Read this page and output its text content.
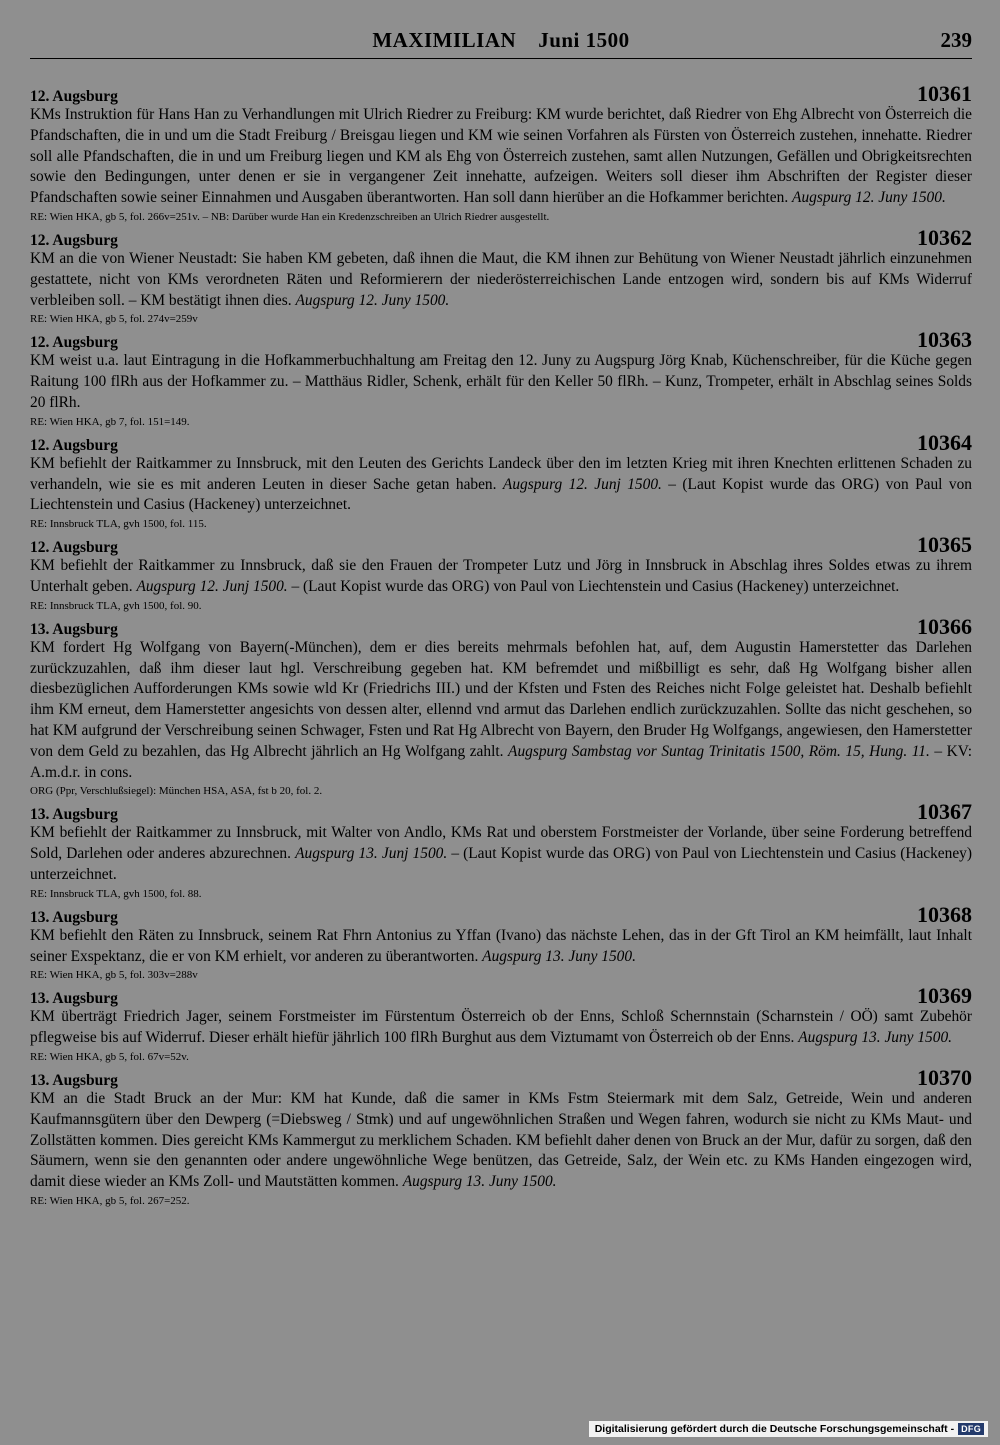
MAXIMILIAN Juni 1500	239
12. Augsburg	10361
KMs Instruktion für Hans Han zu Verhandlungen mit Ulrich Riedrer zu Freiburg: KM wurde berichtet, daß Riedrer von Ehg Albrecht von Österreich die Pfandschaften, die in und um die Stadt Freiburg / Breisgau liegen und KM wie seinen Vorfahren als Fürsten von Österreich zustehen, innehatte. Riedrer soll alle Pfandschaften, die in und um Freiburg liegen und KM als Ehg von Österreich zustehen, samt allen Nutzungen, Gefällen und Obrigkeitsrechten sowie den Bedingungen, unter denen er sie in vergangener Zeit innehatte, aufzeigen. Weiters soll dieser ihm Abschriften der Register dieser Pfandschaften sowie seiner Einnahmen und Ausgaben überantworten. Han soll dann hierüber an die Hofkammer berichten. Augspurg 12. Juny 1500.
RE: Wien HKA, gb 5, fol. 266v=251v. – NB: Darüber wurde Han ein Kredenzschreiben an Ulrich Riedrer ausgestellt.
12. Augsburg	10362
KM an die von Wiener Neustadt: Sie haben KM gebeten, daß ihnen die Maut, die KM ihnen zur Behütung von Wiener Neustadt jährlich einzunehmen gestattete, nicht von KMs verordneten Räten und Reformierern der niederösterreichischen Lande entzogen wird, sondern bis auf KMs Widerruf verbleiben soll. – KM bestätigt ihnen dies. Augspurg 12. Juny 1500.
RE: Wien HKA, gb 5, fol. 274v=259v
12. Augsburg	10363
KM weist u.a. laut Eintragung in die Hofkammerbuchhaltung am Freitag den 12. Juny zu Augspurg Jörg Knab, Küchenschreiber, für die Küche gegen Raitung 100 flRh aus der Hofkammer zu. – Matthäus Ridler, Schenk, erhält für den Keller 50 flRh. – Kunz, Trompeter, erhält in Abschlag seines Solds 20 flRh.
RE: Wien HKA, gb 7, fol. 151=149.
12. Augsburg	10364
KM befiehlt der Raitkammer zu Innsbruck, mit den Leuten des Gerichts Landeck über den im letzten Krieg mit ihren Knechten erlittenen Schaden zu verhandeln, wie sie es mit anderen Leuten in dieser Sache getan haben. Augspurg 12. Junj 1500. – (Laut Kopist wurde das ORG) von Paul von Liechtenstein und Casius (Hackeney) unterzeichnet.
RE: Innsbruck TLA, gvh 1500, fol. 115.
12. Augsburg	10365
KM befiehlt der Raitkammer zu Innsbruck, daß sie den Frauen der Trompeter Lutz und Jörg in Innsbruck in Abschlag ihres Soldes etwas zu ihrem Unterhalt geben. Augspurg 12. Junj 1500. – (Laut Kopist wurde das ORG) von Paul von Liechtenstein und Casius (Hackeney) unterzeichnet.
RE: Innsbruck TLA, gvh 1500, fol. 90.
13. Augsburg	10366
KM fordert Hg Wolfgang von Bayern(-München), dem er dies bereits mehrmals befohlen hat, auf, dem Augustin Hamerstetter das Darlehen zurückzuzahlen, daß ihm dieser laut hgl. Verschreibung gegeben hat. KM befremdet und mißbilligt es sehr, daß Hg Wolfgang bisher allen diesbezüglichen Aufforderungen KMs sowie wld Kr (Friedrichs III.) und der Kfsten und Fsten des Reiches nicht Folge geleistet hat. Deshalb befiehlt ihm KM erneut, dem Hamerstetter angesichts von dessen alter, ellennd vnd armut das Darlehen endlich zurückzuzahlen. Sollte das nicht geschehen, so hat KM aufgrund der Verschreibung seinen Schwager, Fsten und Rat Hg Albrecht von Bayern, den Bruder Hg Wolfgangs, angewiesen, den Hamerstetter von dem Geld zu bezahlen, das Hg Albrecht jährlich an Hg Wolfgang zahlt. Augspurg Sambstag vor Suntag Trinitatis 1500, Röm. 15, Hung. 11. – KV: A.m.d.r. in cons.
ORG (Ppr, Verschlußsiegel): München HSA, ASA, fst b 20, fol. 2.
13. Augsburg	10367
KM befiehlt der Raitkammer zu Innsbruck, mit Walter von Andlo, KMs Rat und oberstem Forstmeister der Vorlande, über seine Forderung betreffend Sold, Darlehen oder anderes abzurechnen. Augspurg 13. Junj 1500. – (Laut Kopist wurde das ORG) von Paul von Liechtenstein und Casius (Hackeney) unterzeichnet.
RE: Innsbruck TLA, gvh 1500, fol. 88.
13. Augsburg	10368
KM befiehlt den Räten zu Innsbruck, seinem Rat Fhrn Antonius zu Yffan (Ivano) das nächste Lehen, das in der Gft Tirol an KM heimfällt, laut Inhalt seiner Exspektanz, die er von KM erhielt, vor anderen zu überantworten. Augspurg 13. Juny 1500.
RE: Wien HKA, gb 5, fol. 303v=288v
13. Augsburg	10369
KM überträgt Friedrich Jager, seinem Forstmeister im Fürstentum Österreich ob der Enns, Schloß Schernnstain (Scharnstein / OÖ) samt Zubehör pflegweise bis auf Widerruf. Dieser erhält hiefür jährlich 100 flRh Burghut aus dem Viztumamt von Österreich ob der Enns. Augspurg 13. Juny 1500.
RE: Wien HKA, gb 5, fol. 67v=52v.
13. Augsburg	10370
KM an die Stadt Bruck an der Mur: KM hat Kunde, daß die samer in KMs Fstm Steiermark mit dem Salz, Getreide, Wein und anderen Kaufmannsgütern über den Dewperg (=Diebsweg / Stmk) und auf ungewöhnlichen Straßen und Wegen fahren, wodurch sie nicht zu KMs Maut- und Zollstätten kommen. Dies gereicht KMs Kammergut zu merklichem Schaden. KM befiehlt daher denen von Bruck an der Mur, dafür zu sorgen, daß den Säumern, wenn sie den genannten oder andere ungewöhnliche Wege benützen, das Getreide, Salz, der Wein etc. zu KMs Handen eingezogen wird, damit diese wieder an KMs Zoll- und Mautstätten kommen. Augspurg 13. Juny 1500.
RE: Wien HKA, gb 5, fol. 267=252.
Digitalisierung gefördert durch die Deutsche Forschungsgemeinschaft - DFG
